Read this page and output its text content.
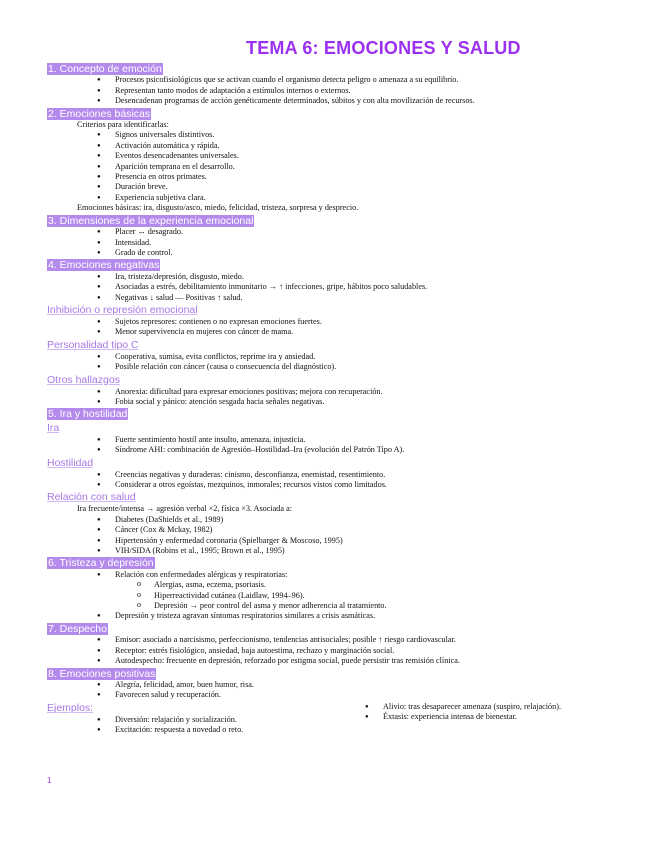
TEMA 6: EMOCIONES Y SALUD
1. Concepto de emoción
● Procesos psicofisiológicos que se activan cuando el organismo detecta peligro o amenaza a su equilibrio.
● Representan tanto modos de adaptación a estímulos internos o externos.
● Desencadenan programas de acción genéticamente determinados, súbitos y con alta movilización de recursos.
2. Emociones básicas
Criterios para identificarlas:
● Signos universales distintivos.
● Activación automática y rápida.
● Eventos desencadenantes universales.
● Aparición temprana en el desarrollo.
● Presencia en otros primates.
● Duración breve.
● Experiencia subjetiva clara.
Emociones básicas: ira, disgusto/asco, miedo, felicidad, tristeza, sorpresa y desprecio.
3. Dimensiones de la experiencia emocional
● Placer ↔ desagrado.
● Intensidad.
● Grado de control.
4. Emociones negativas
● Ira, tristeza/depresión, disgusto, miedo.
● Asociadas a estrés, debilitamiento inmunitario → ↑ infecciones, gripe, hábitos poco saludables.
● Negativas ↓ salud — Positivas ↑ salud.
Inhibición o represión emocional
● Sujetos represores: contienen o no expresan emociones fuertes.
● Menor supervivencia en mujeres con cáncer de mama.
Personalidad tipo C
● Cooperativa, sumisa, evita conflictos, reprime ira y ansiedad.
● Posible relación con cáncer (causa o consecuencia del diagnóstico).
Otros hallazgos
● Anorexia: dificultad para expresar emociones positivas; mejora con recuperación.
● Fobia social y pánico: atención sesgada hacia señales negativas.
5. Ira y hostilidad
Ira
● Fuerte sentimiento hostil ante insulto, amenaza, injusticia.
● Síndrome AHI: combinación de Agresión–Hostilidad–Ira (evolución del Patrón Tipo A).
Hostilidad
● Creencias negativas y duraderas: cinismo, desconfianza, enemistad, resentimiento.
● Considerar a otros egoístas, mezquinos, inmorales; recursos vistos como limitados.
Relación con salud
Ira frecuente/intensa → agresión verbal ×2, física ×3. Asociada a:
● Diabetes (DaShields et al., 1989)
● Cáncer (Cox & Mckay, 1982)
● Hipertensión y enfermedad coronaria (Spielbarger & Moscoso, 1995)
● VIH/SIDA (Robins et al., 1995; Brown et al., 1995)
6. Tristeza y depresión
● Relación con enfermedades alérgicas y respiratorias:
o Alergias, asma, eczema, psoriasis.
o Hiperreactividad cutánea (Laidlaw, 1994–96).
o Depresión → peor control del asma y menor adherencia al tratamiento.
● Depresión y tristeza agravan síntomas respiratorios similares a crisis asmáticas.
7. Despecho
● Emisor: asociado a narcisismo, perfeccionismo, tendencias antisociales; posible ↑ riesgo cardiovascular.
● Receptor: estrés fisiológico, ansiedad, baja autoestima, rechazo y marginación social.
● Autodespecho: frecuente en depresión, reforzado por estigma social, puede persistir tras remisión clínica.
8. Emociones positivas
● Alegría, felicidad, amor, buen humor, risa.
● Favorecen salud y recuperación.
Ejemplos:
● Diversión: relajación y socialización.
● Excitación: respuesta a novedad o reto.
● Alivio: tras desaparecer amenaza (suspiro, relajación).
● Éxtasis: experiencia intensa de bienestar.
1
